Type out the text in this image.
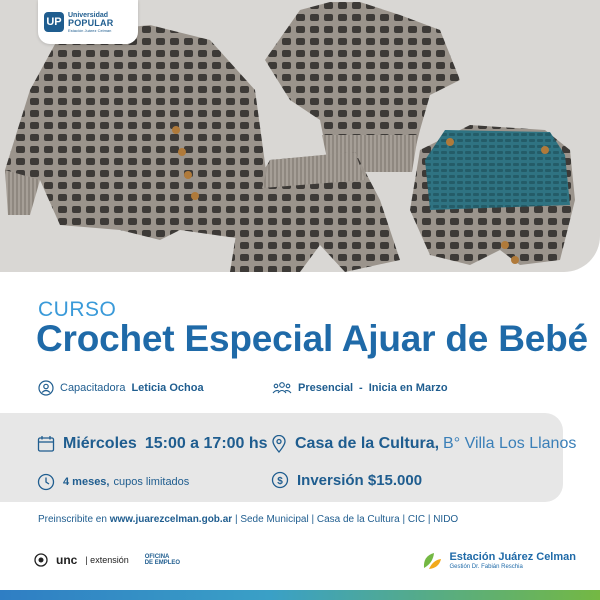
UP
Universidad
POPULAR
Estación Juárez Celman
CURSO
Crochet Especial Ajuar de Bebé
Capacitadora Leticia Ochoa	Presencial - Inicia en Marzo
Miércoles 15:00 a 17:00 hs Casa de la Cultura, B° Villa Los Llanos
4 meses, cupos limitados	$ Inversión $15.000
Preinscribite en www.juarezcelman.gob.ar | Sede Municipal | Casa de la Cultura | CIC | NIDO
unc | extensión	OFICINA
DE EMPLEO	Estación Juárez Celman
Gestión Dr. Fabián Reschia
